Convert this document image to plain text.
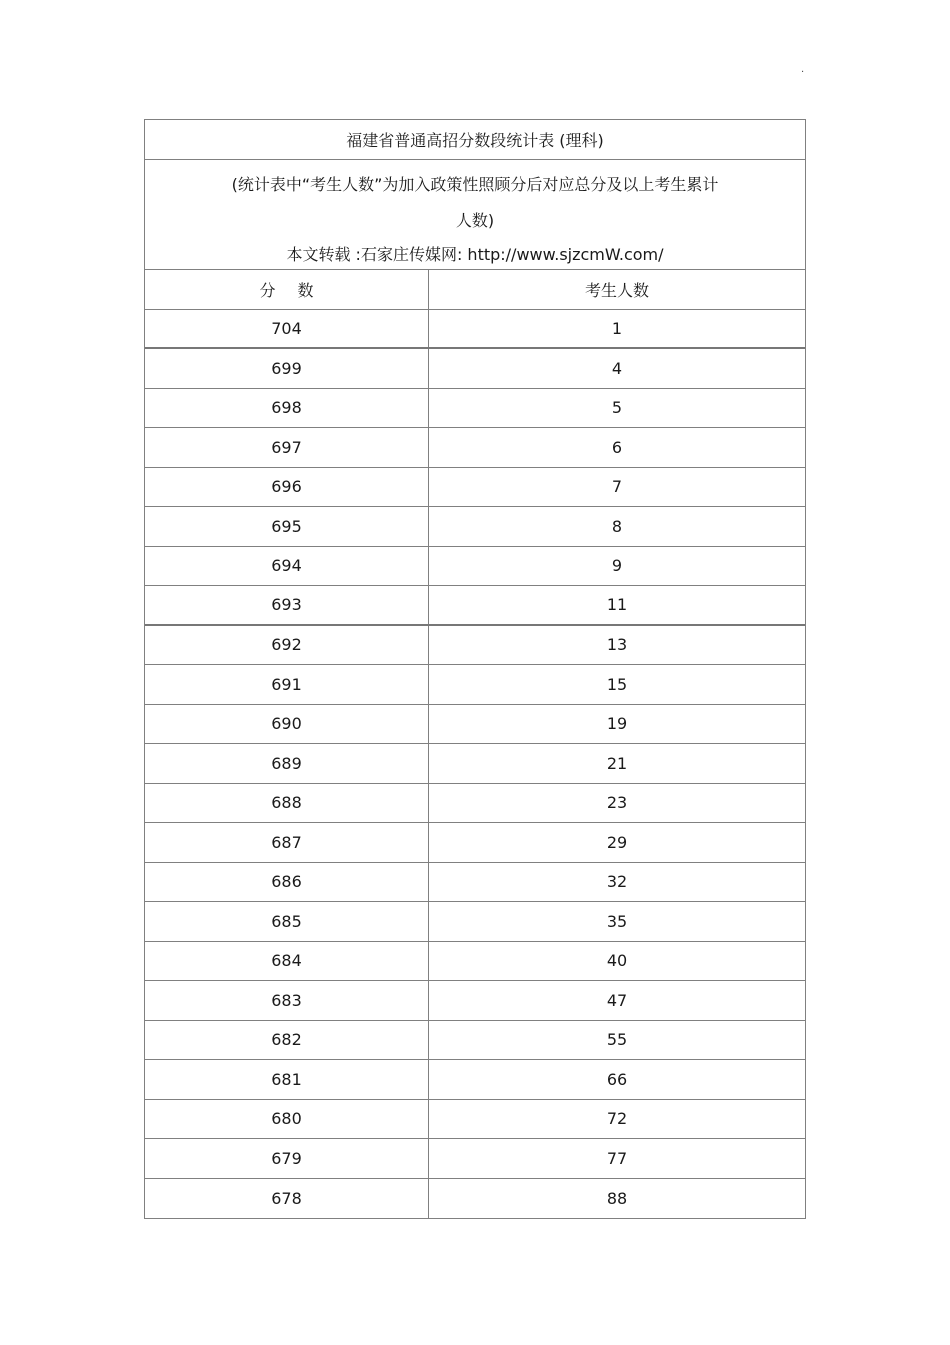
.
福建省普通高招分数段统计表 (理科)
(统计表中“考生人数”为加入政策性照顾分后对应总分及以上考生累计
人数)
本文转载 :石家庄传媒网: http://www.sjzcmW.com/
分数	考生人数
704	1
699	4
698	5
697	6
696	7
695	8
694	9
693	11
692	13
691	15
690	19
689	21
688	23
687	29
686	32
685	35
684	40
683	47
682	55
681	66
680	72
679	77
678	88
